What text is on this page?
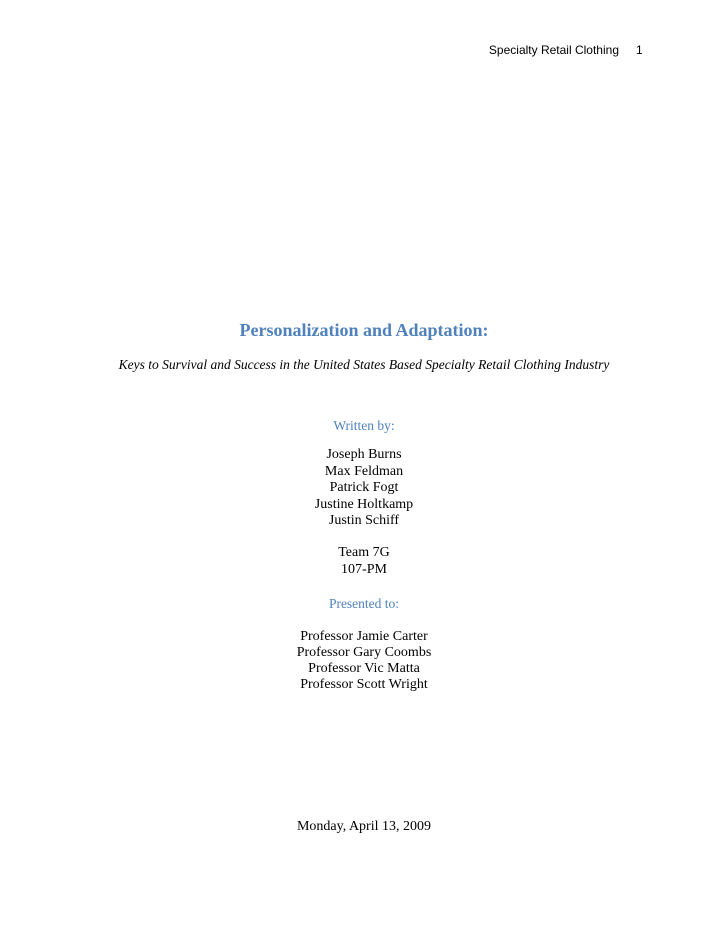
Specialty Retail Clothing 1
Personalization and Adaptation:
Keys to Survival and Success in the United States Based Specialty Retail Clothing Industry
Written by:
Joseph Burns
Max Feldman
Patrick Fogt
Justine Holtkamp
Justin Schiff
Team 7G
107-PM
Presented to:
Professor Jamie Carter
Professor Gary Coombs
Professor Vic Matta
Professor Scott Wright
Monday, April 13, 2009
